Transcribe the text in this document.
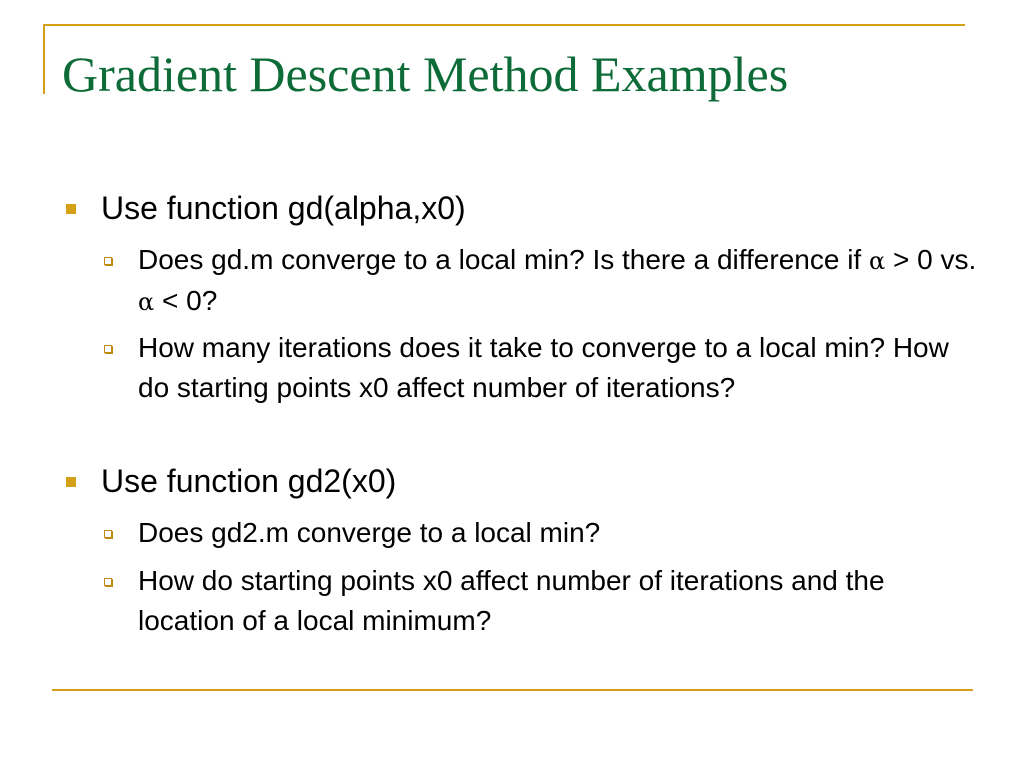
Gradient Descent Method Examples
Use function gd(alpha,x0)
Does gd.m converge to a local min? Is there a difference if α > 0 vs. α < 0?
How many iterations does it take to converge to a local min? How do starting points x0 affect number of iterations?
Use function gd2(x0)
Does gd2.m converge to a local min?
How do starting points x0 affect number of iterations and the location of a local minimum?
